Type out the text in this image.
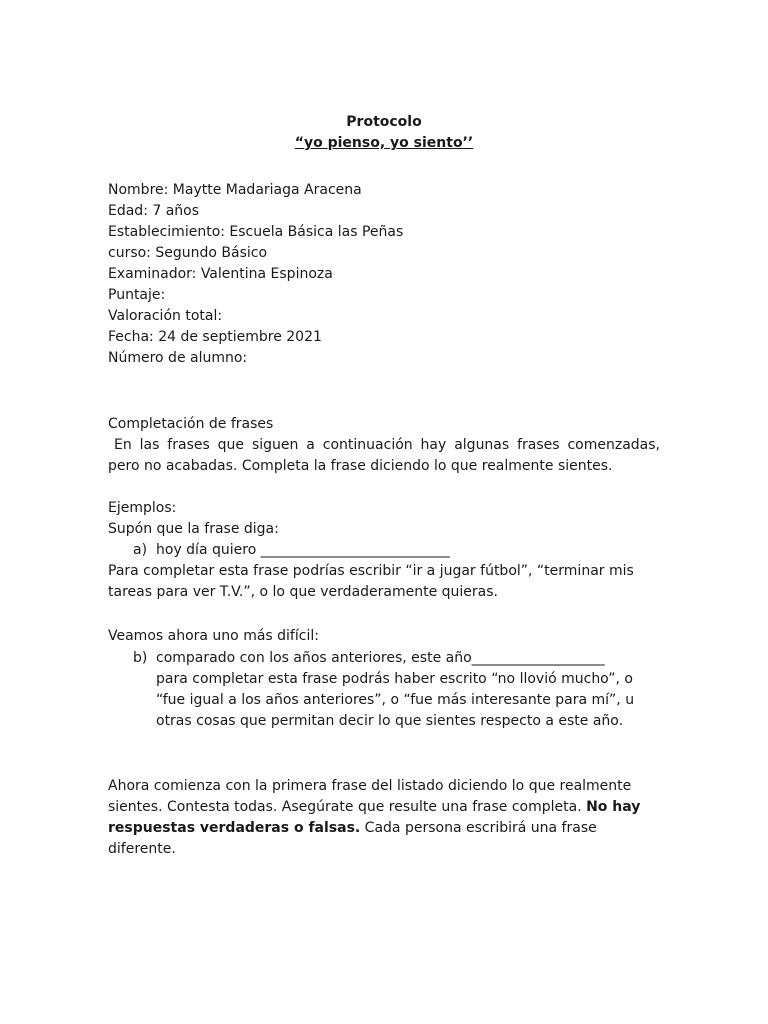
Protocolo
“yo pienso, yo siento’’
Nombre: Maytte Madariaga Aracena
Edad: 7 años
Establecimiento: Escuela Básica las Peñas
curso: Segundo Básico
Examinador: Valentina Espinoza
Puntaje:
Valoración total:
Fecha: 24 de septiembre 2021
Número de alumno:
Completación de frases
En las frases que siguen a continuación hay algunas frases comenzadas, pero no acabadas. Completa la frase diciendo lo que realmente sientes.
Ejemplos:
Supón que la frase diga:
a) hoy día quiero ___________________________
Para completar esta frase podrías escribir “ir a jugar fútbol”, “terminar mis tareas para ver T.V.”, o lo que verdaderamente quieras.
Veamos ahora uno más difícil:
b) comparado con los años anteriores, este año___________________
para completar esta frase podrás haber escrito “no llovió mucho”, o “fue igual a los años anteriores”, o “fue más interesante para mí”, u otras cosas que permitan decir lo que sientes respecto a este año.
Ahora comienza con la primera frase del listado diciendo lo que realmente sientes. Contesta todas. Asegúrate que resulte una frase completa. No hay respuestas verdaderas o falsas. Cada persona escribirá una frase diferente.
